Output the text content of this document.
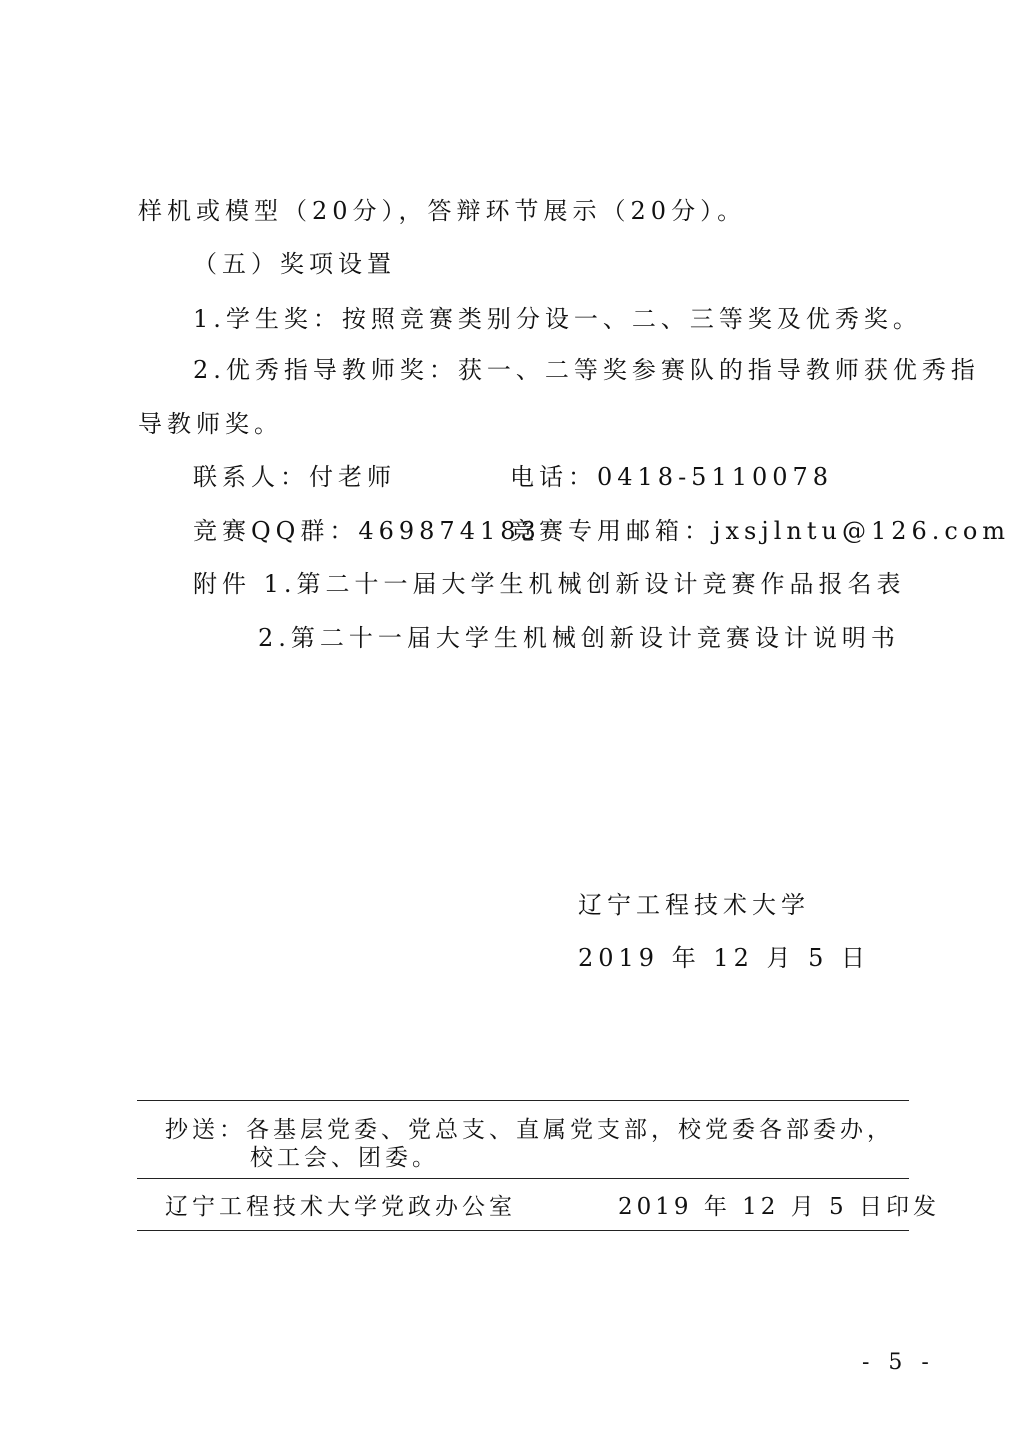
样机或模型（20分），答辩环节展示（20分）。
（五）奖项设置
1.学生奖：按照竞赛类别分设一、二、三等奖及优秀奖。
2.优秀指导教师奖：获一、二等奖参赛队的指导教师获优秀指
导教师奖。
联系人：付老师	电话：0418-5110078
竞赛QQ群：469874183
竞赛专用邮箱：jxsjlntu@126.com
附件 1.第二十一届大学生机械创新设计竞赛作品报名表
2.第二十一届大学生机械创新设计竞赛设计说明书
辽宁工程技术大学
2019 年 12 月 5 日
抄送：各基层党委、党总支、直属党支部，校党委各部委办，
校工会、团委。
辽宁工程技术大学党政办公室	2019 年 12 月 5 日印发
- 5 -
